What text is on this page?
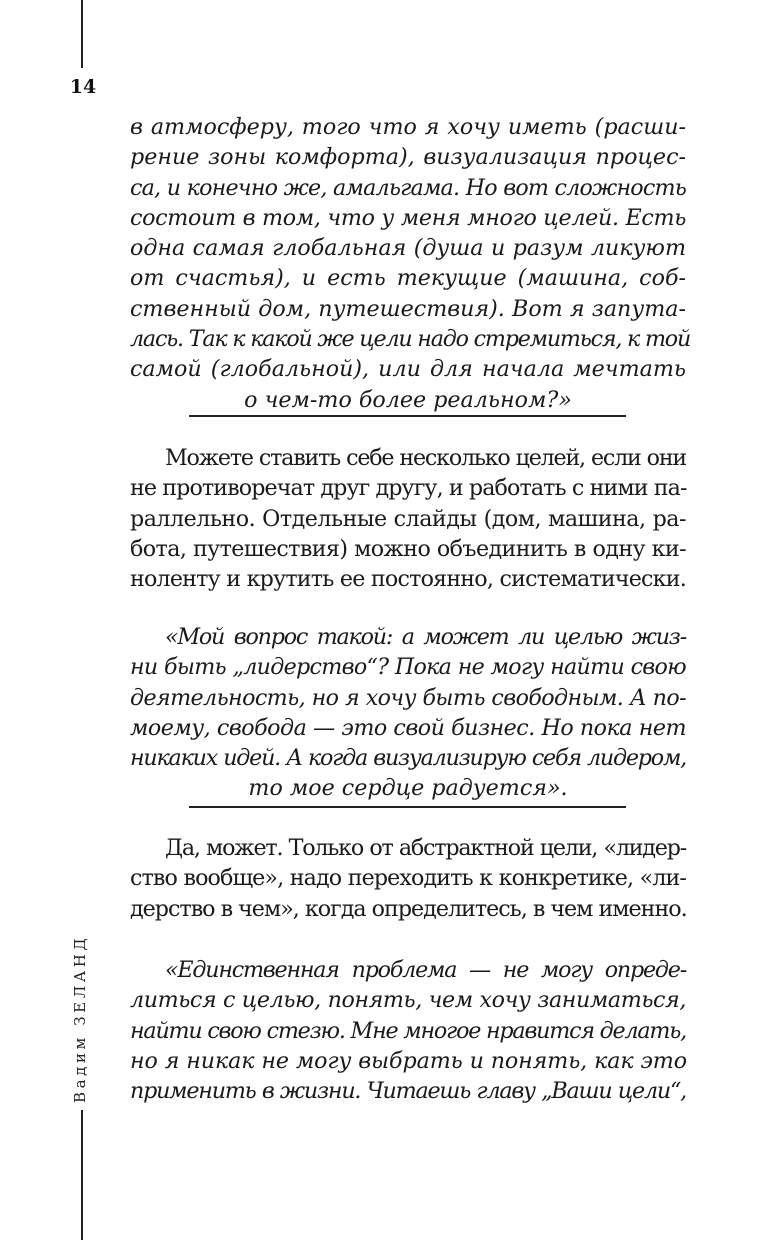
14
Вадим ЗЕЛАНД
в атмосферу, того что я хочу иметь (расши-
рение зоны комфорта), визуализация процес-
са, и конечно же, амальгама. Но вот сложность
состоит в том, что у меня много целей. Есть
одна самая глобальная (душа и разум ликуют
от счастья), и есть текущие (машина, соб-
ственный дом, путешествия). Вот я запута-
лась. Так к какой же цели надо стремиться, к той
самой (глобальной), или для начала мечтать
о чем-то более реальном?»
Можете ставить себе несколько целей, если они
не противоречат друг другу, и работать с ними па-
раллельно. Отдельные слайды (дом, машина, ра-
бота, путешествия) можно объединить в одну ки-
ноленту и крутить ее постоянно, систематически.
«Мой вопрос такой: а может ли целью жиз-
ни быть „лидерство“? Пока не могу найти свою
деятельность, но я хочу быть свободным. А по-
моему, свобода — это свой бизнес. Но пока нет
никаких идей. А когда визуализирую себя лидером,
то мое сердце радуется».
Да, может. Только от абстрактной цели, «лидер-
ство вообще», надо переходить к конкретике, «ли-
дерство в чем», когда определитесь, в чем именно.
«Единственная проблема — не могу опреде-
литься с целью, понять, чем хочу заниматься,
найти свою стезю. Мне многое нравится делать,
но я никак не могу выбрать и понять, как это
применить в жизни. Читаешь главу „Ваши цели“,
